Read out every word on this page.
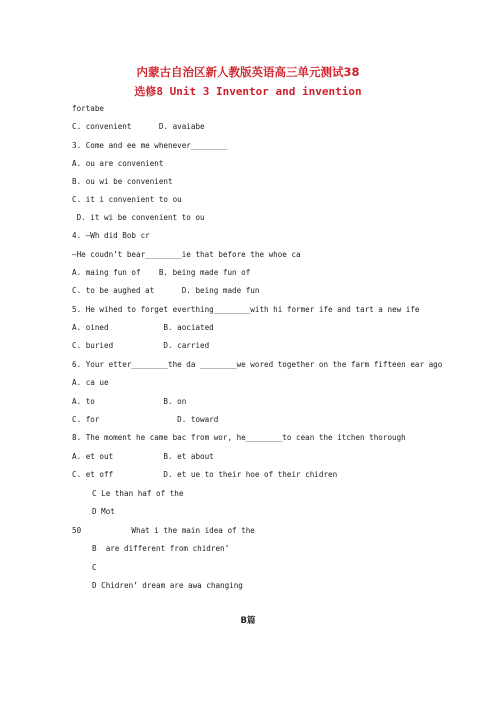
内蒙古自治区新人教版英语高三单元测试38
选修8 Unit 3 Inventor and invention
fortabe
C. convenient      D. avaiabe
3. Come and ee me whenever________
A. ou are convenient
B. ou wi be convenient
C. it i convenient to ou
D. it wi be convenient to ou
4. —Wh did Bob cr
—He coudn’t bear________ie that before the whoe ca
A. maing fun of    B. being made fun of
C. to be aughed at      D. being made fun
5. He wihed to forget everthing________with hi former ife and tart a new ife
A. oined            B. aociated
C. buried           D. carried
6. Your etter________the da ________we wored together on the farm fifteen ear ago
A. ca ue
A. to               B. on
C. for                 D. toward
8. The moment he came bac from wor, he________to cean the itchen thorough
A. et out           B. et about
C. et off           D. et ue to their hoe of their chidren
C Le than haf of the
D Mot
50           What i the main idea of the
B  are different from chidren’
C
D Chidren’ dream are awa changing
B篇
